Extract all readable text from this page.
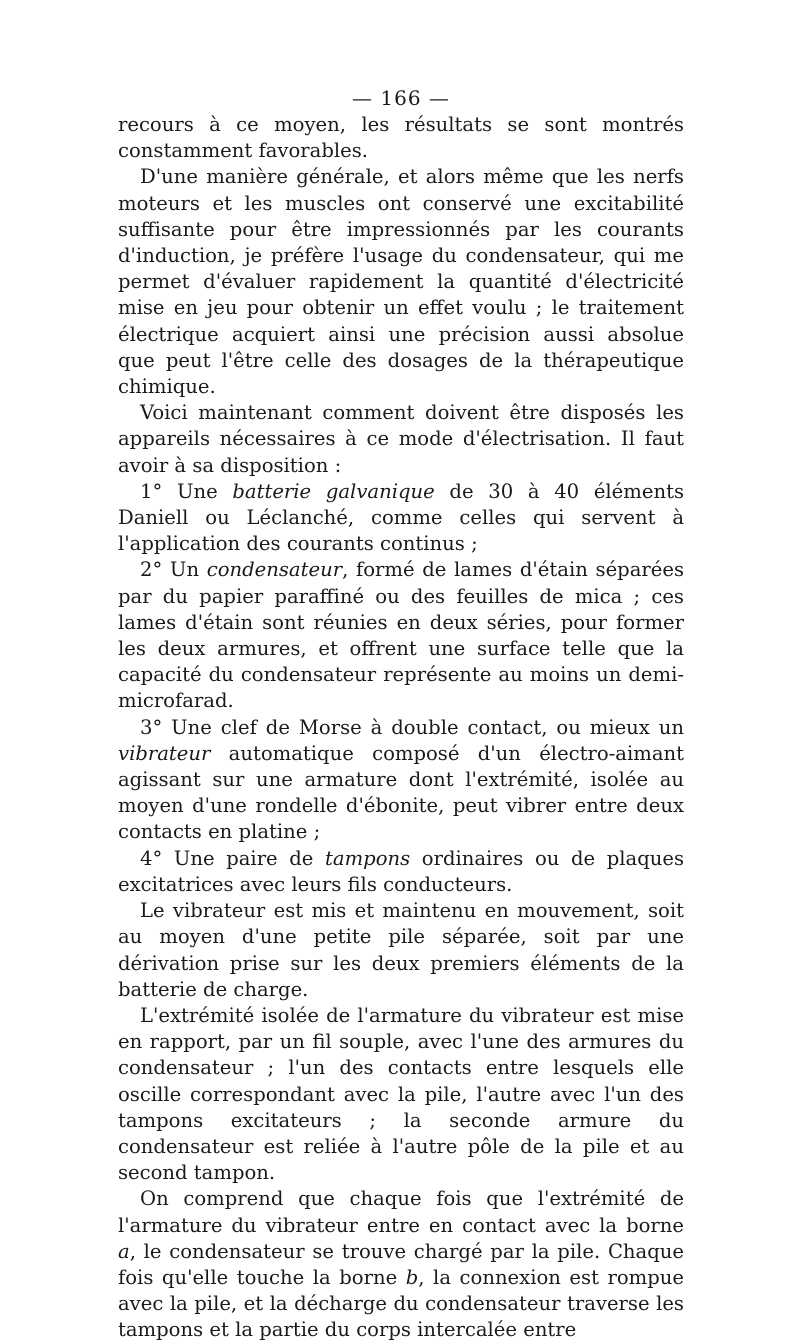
— 166 —

recours à ce moyen, les résultats se sont montrés constamment favorables.

D'une manière générale, et alors même que les nerfs moteurs et les muscles ont conservé une excitabilité suffisante pour être impressionnés par les courants d'induction, je préfère l'usage du condensateur, qui me permet d'évaluer rapidement la quantité d'électricité mise en jeu pour obtenir un effet voulu ; le traitement électrique acquiert ainsi une précision aussi absolue que peut l'être celle des dosages de la thérapeutique chimique.

Voici maintenant comment doivent être disposés les appareils nécessaires à ce mode d'électrisation. Il faut avoir à sa disposition :

1° Une batterie galvanique de 30 à 40 éléments Daniell ou Léclanché, comme celles qui servent à l'application des courants continus ;

2° Un condensateur, formé de lames d'étain séparées par du papier paraffiné ou des feuilles de mica ; ces lames d'étain sont réunies en deux séries, pour former les deux armures, et offrent une surface telle que la capacité du condensateur représente au moins un demi-microfarad.

3° Une clef de Morse à double contact, ou mieux un vibrateur automatique composé d'un électro-aimant agissant sur une armature dont l'extrémité, isolée au moyen d'une rondelle d'ébonite, peut vibrer entre deux contacts en platine ;

4° Une paire de tampons ordinaires ou de plaques excitatrices avec leurs fils conducteurs.

Le vibrateur est mis et maintenu en mouvement, soit au moyen d'une petite pile séparée, soit par une dérivation prise sur les deux premiers éléments de la batterie de charge.

L'extrémité isolée de l'armature du vibrateur est mise en rapport, par un fil souple, avec l'une des armures du condensateur ; l'un des contacts entre lesquels elle oscille correspondant avec la pile, l'autre avec l'un des tampons excitateurs ; la seconde armure du condensateur est reliée à l'autre pôle de la pile et au second tampon.

On comprend que chaque fois que l'extrémité de l'armature du vibrateur entre en contact avec la borne a, le condensateur se trouve chargé par la pile. Chaque fois qu'elle touche la borne b, la connexion est rompue avec la pile, et la décharge du condensateur traverse les tampons et la partie du corps intercalée entre
